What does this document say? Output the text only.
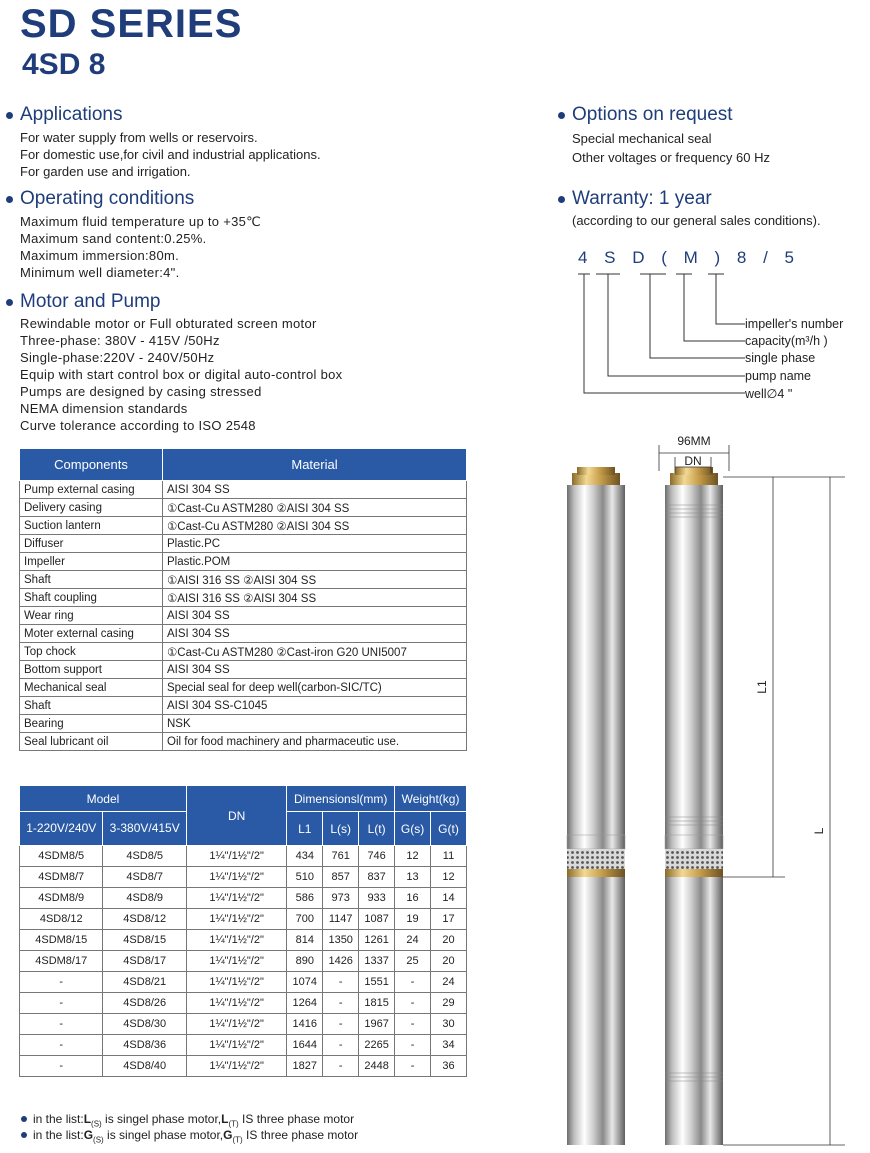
SD SERIES
4SD 8
Applications
For water supply from wells or reservoirs.
For domestic use,for civil and industrial applications.
For garden use and irrigation.
Operating conditions
Maximum fluid temperature up to +35℃
Maximum sand content:0.25%.
Maximum immersion:80m.
Minimum well diameter:4".
Motor and Pump
Rewindable motor or Full obturated screen motor
Three-phase: 380V - 415V /50Hz
Single-phase:220V - 240V/50Hz
Equip with start control box or digital auto-control box
Pumps are designed by casing stressed
NEMA dimension standards
Curve tolerance according to ISO 2548
Options on request
Special mechanical seal
Other voltages or frequency 60 Hz
Warranty: 1 year
(according to our general sales conditions).
4 S D ( M ) 8 / 5
impeller's number
capacity(m³/h )
single phase
pump name
well∅4 "
Components	Material
Pump external casing	AISI 304 SS
Delivery casing	①Cast-Cu ASTM280 ②AISI 304 SS
Suction lantern	①Cast-Cu ASTM280 ②AISI 304 SS
Diffuser	Plastic.PC
Impeller	Plastic.POM
Shaft	①AISI 316 SS ②AISI 304 SS
Shaft coupling	①AISI 316 SS ②AISI 304 SS
Wear ring	AISI 304 SS
Moter external casing	AISI 304 SS
Top chock	①Cast-Cu ASTM280 ②Cast-iron G20 UNI5007
Bottom support	AISI 304 SS
Mechanical seal	Special seal for deep well(carbon-SIC/TC)
Shaft	AISI 304 SS-C1045
Bearing	NSK
Seal lubricant oil	Oil for food machinery and pharmaceutic use.
Model		DN	Dimensionsl(mm)			Weight(kg)	
1-220V/240V	3-380V/415V		L1	L(s)	L(t)	G(s)	G(t)
4SDM8/5	4SD8/5	1¼"/1½"/2"	434	761	746	12	11
4SDM8/7	4SD8/7	1¼"/1½"/2"	510	857	837	13	12
4SDM8/9	4SD8/9	1¼"/1½"/2"	586	973	933	16	14
4SD8/12	4SD8/12	1¼"/1½"/2"	700	1147	1087	19	17
4SDM8/15	4SD8/15	1¼"/1½"/2"	814	1350	1261	24	20
4SDM8/17	4SD8/17	1¼"/1½"/2"	890	1426	1337	25	20
-	4SD8/21	1¼"/1½"/2"	1074	-	1551	-	24
-	4SD8/26	1¼"/1½"/2"	1264	-	1815	-	29
-	4SD8/30	1¼"/1½"/2"	1416	-	1967	-	30
-	4SD8/36	1¼"/1½"/2"	1644	-	2265	-	34
-	4SD8/40	1¼"/1½"/2"	1827	-	2448	-	36
in the $list:L_{(S)}$ is singel phase $motor,L_{(T)}$ IS three phase motor
in the $list:G_{(S)}$ is singel phase $motor,G_{(T)}$ IS three phase motor
96MM
DN
L1
L
